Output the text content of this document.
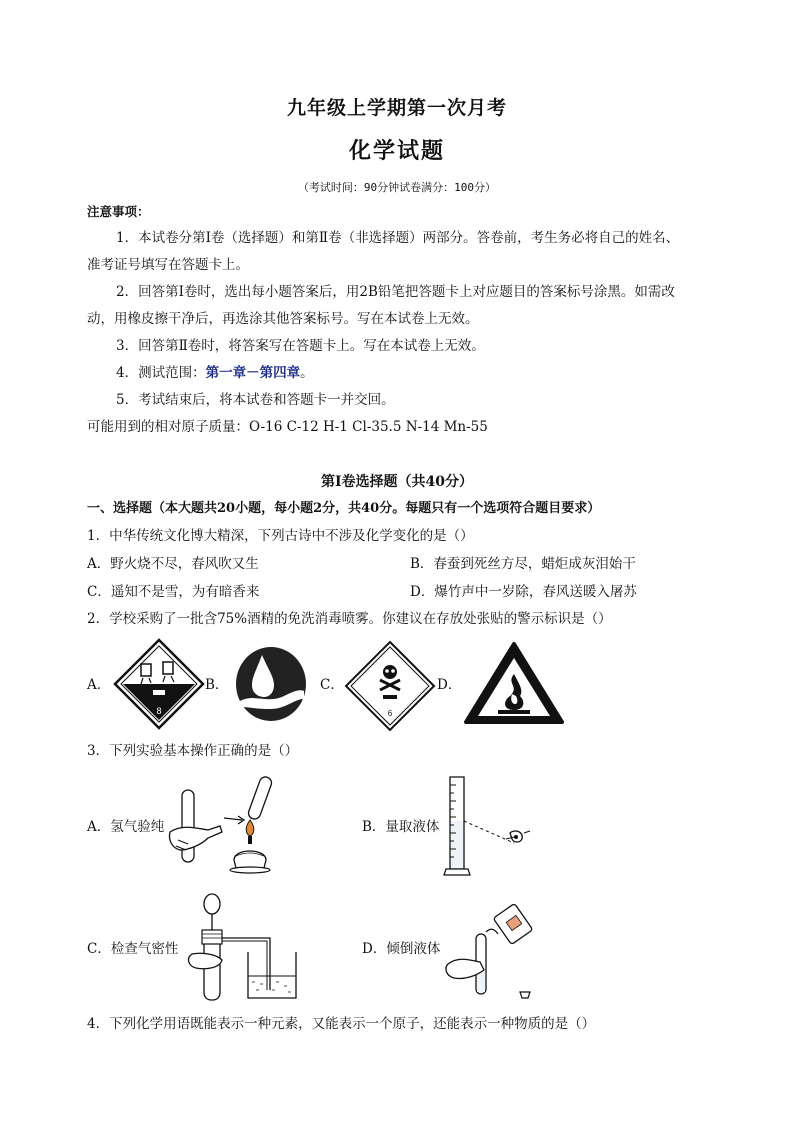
九年级上学期第一次月考
化学试题
（考试时间：90分钟试卷满分：100分）
注意事项：
1．本试卷分第Ⅰ卷（选择题）和第Ⅱ卷（非选择题）两部分。答卷前，考生务必将自己的姓名、
准考证号填写在答题卡上。
2．回答第Ⅰ卷时，选出每小题答案后，用2B铅笔把答题卡上对应题目的答案标号涂黑。如需改
动，用橡皮擦干净后，再选涂其他答案标号。写在本试卷上无效。
3．回答第Ⅱ卷时，将答案写在答题卡上。写在本试卷上无效。
4．测试范围：第一章－第四章。
5．考试结束后，将本试卷和答题卡一并交回。
可能用到的相对原子质量：O-16 C-12 H-1 Cl-35.5 N-14 Mn-55
第Ⅰ卷选择题（共40分）
一、选择题（本大题共20小题，每小题2分，共40分。每题只有一个选项符合题目要求）
1．中华传统文化博大精深，下列古诗中不涉及化学变化的是（）
A．野火烧不尽，春风吹又生	B．春蚕到死丝方尽，蜡炬成灰泪始干
C．遥知不是雪，为有暗香来	D．爆竹声中一岁除，春风送暖入屠苏
2．学校采购了一批含75%酒精的免洗消毒喷雾。你建议在存放处张贴的警示标识是（）
A．	B．	C．	D．
8	6
3．下列实验基本操作正确的是（）
A．氢气验纯	B．量取液体
C．检查气密性	D．倾倒液体
4．下列化学用语既能表示一种元素，又能表示一个原子，还能表示一种物质的是（）
